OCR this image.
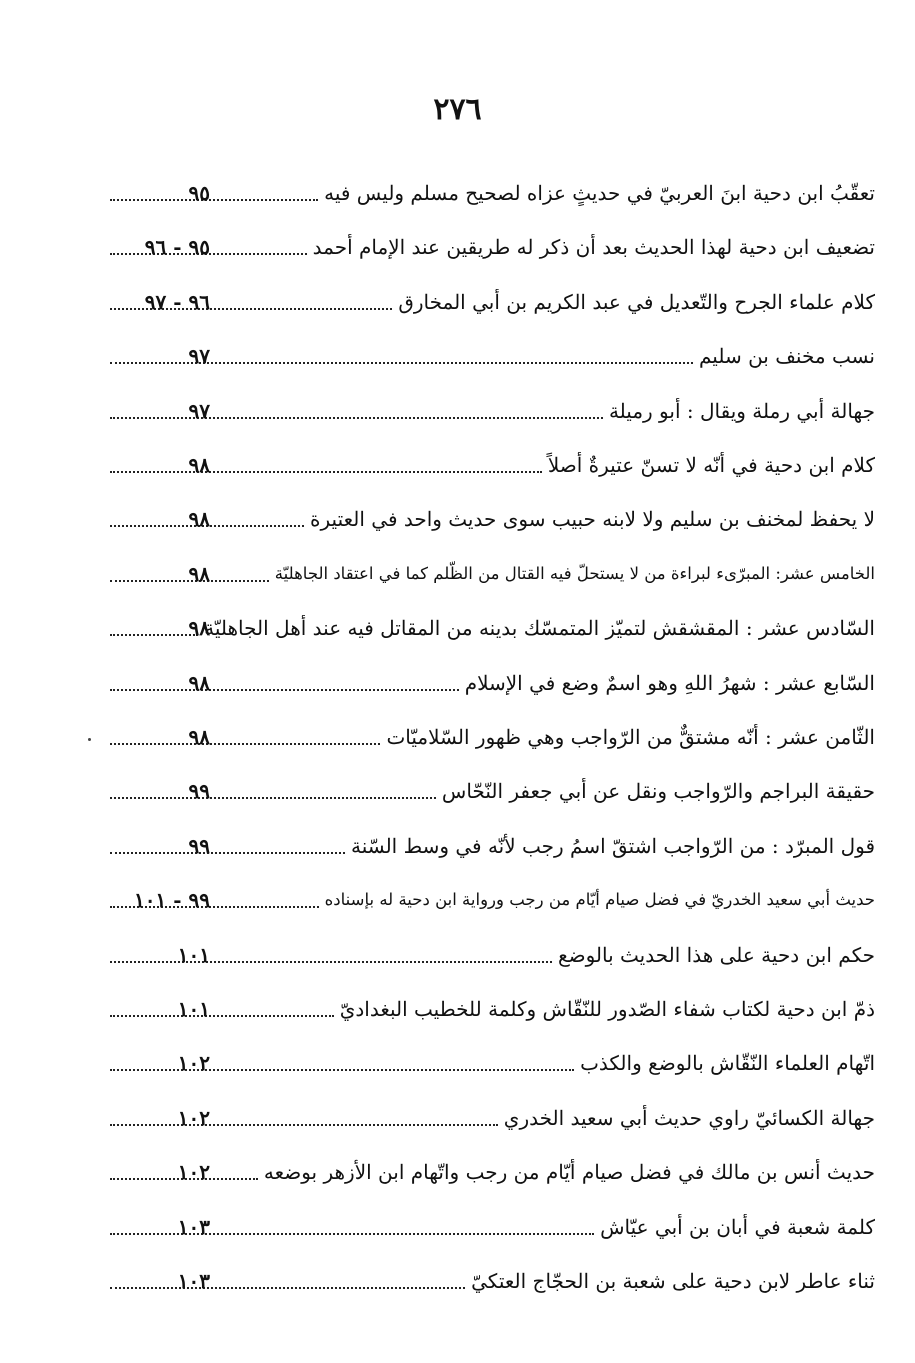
٢٧٦
تعقّبُ ابنِ دحية ابنَ العربيّ في حديثٍ عزاه لصحيح مسلم وليس فيه
٩٥
تضعيف ابن دحية لهذا الحديث بعد أن ذكر له طريقين عند الإمام أحمد
٩٥ - ٩٦
كلام علماء الجرح والتّعديل في عبد الكريم بن أبي المخارق
٩٦ - ٩٧
نسب مخنف بن سليم
٩٧
جهالة أبي رملة ويقال : أبو رميلة
٩٧
كلام ابن دحية في أنّه لا تسنّ عتيرةٌ أصلاً
٩٨
لا يحفظ لمخنف بن سليم ولا لابنه حبيب سوى حديث واحد في العتيرة
٩٨
الخامس عشر: المبرّىء لبراءة من لا يستحلّ فيه القتال من الظّلم كما في اعتقاد الجاهليّة
٩٨
السّادس عشر : المقشقش لتميّز المتمسّك بدينه من المقاتل فيه عند أهل الجاهليّة
٩٨
السّابع عشر : شهرُ اللهِ وهو اسمٌ وضع في الإسلام
٩٨
الثّامن عشر : أنّه مشتقٌّ من الرّواجب وهي ظهور السّلاميّات
٩٨
حقيقة البراجم والرّواجب ونقل عن أبي جعفر النّحّاس
٩٩
قول المبرّد : من الرّواجب اشتقّ اسمُ رجب لأنّه في وسط السّنة
٩٩
حديث أبي سعيد الخدريّ في فضل صيام أيّام من رجب ورواية ابن دحية له بإسناده
٩٩ - ١٠١
حكم ابن دحية على هذا الحديث بالوضع
١٠١
ذمّ ابن دحية لكتاب شفاء الصّدور للنّقّاش وكلمة للخطيب البغداديّ
١٠١
اتّهام العلماء النّقّاش بالوضع والكذب
١٠٢
جهالة الكسائيّ راوي حديث أبي سعيد الخدري
١٠٢
حديث أنس بن مالك في فضل صيام أيّام من رجب واتّهام ابن الأزهر بوضعه
١٠٢
كلمة شعبة في أبان بن أبي عيّاش
١٠٣
ثناء عاطر لابن دحية على شعبة بن الحجّاج العتكيّ
١٠٣
